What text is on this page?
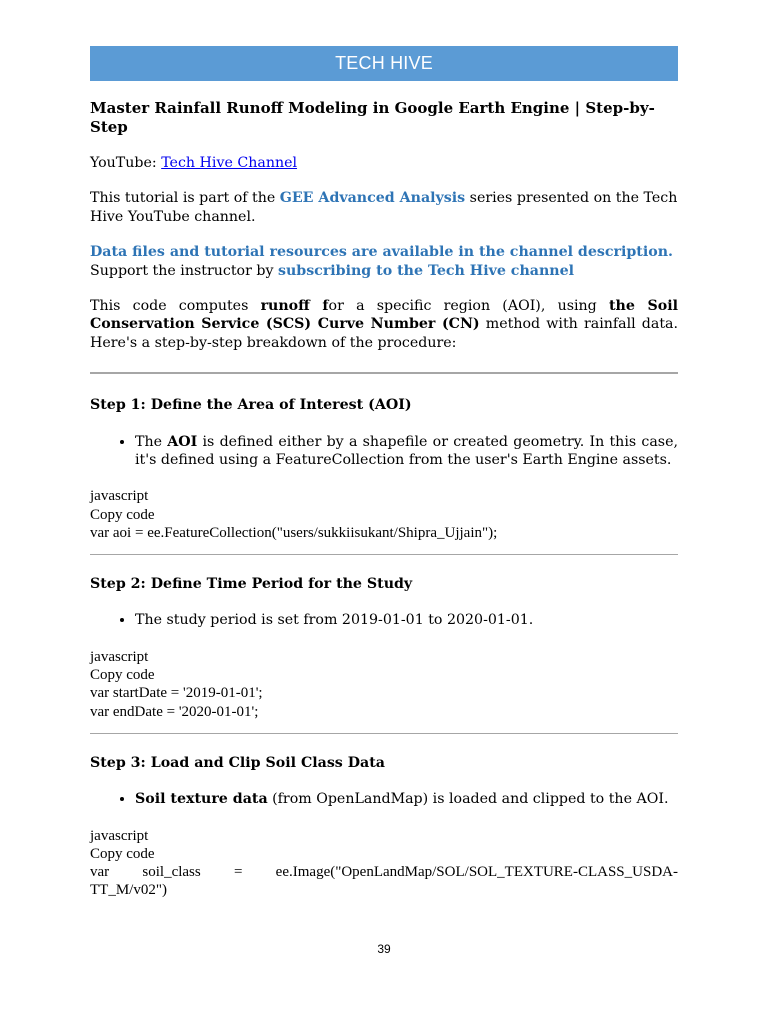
TECH HIVE
Master Rainfall Runoff Modeling in Google Earth Engine | Step-by-Step

YouTube: Tech Hive Channel

This tutorial is part of the GEE Advanced Analysis series presented on the Tech Hive YouTube channel.

Data files and tutorial resources are available in the channel description.
Support the instructor by subscribing to the Tech Hive channel

This code computes runoff for a specific region (AOI), using the Soil Conservation Service (SCS) Curve Number (CN) method with rainfall data. Here's a step-by-step breakdown of the procedure:

Step 1: Define the Area of Interest (AOI)
• The AOI is defined either by a shapefile or created geometry. In this case, it's defined using a FeatureCollection from the user's Earth Engine assets.
javascript
Copy code
var aoi = ee.FeatureCollection("users/sukkiisukant/Shipra_Ujjain");
Step 2: Define Time Period for the Study
• The study period is set from 2019-01-01 to 2020-01-01.
javascript
Copy code
var startDate = '2019-01-01';
var endDate = '2020-01-01';
Step 3: Load and Clip Soil Class Data
• Soil texture data (from OpenLandMap) is loaded and clipped to the AOI.
javascript
Copy code
var soil_class = ee.Image("OpenLandMap/SOL/SOL_TEXTURE-CLASS_USDA-
TT_M/v02")
39
